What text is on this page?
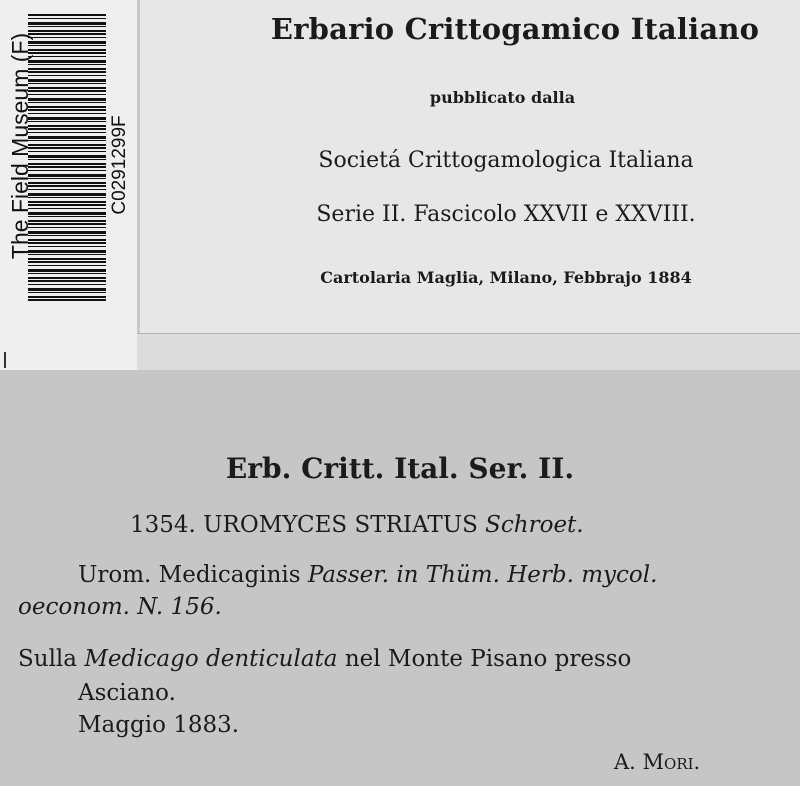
The Field Museum (F)	C0291299F
Erbario Crittogamico Italiano
pubblicato dalla
Societá Crittogamologica Italiana
Serie II. Fascicolo XXVII e XXVIII.
Cartolaria Maglia, Milano, Febbrajo 1884
Erb. Critt. Ital. Ser. II.
1354. UROMYCES STRIATUS Schroet.
Urom. Medicaginis Passer. in Thüm. Herb. mycol.
oeconom. N. 156.
Sulla Medicago denticulata nel Monte Pisano presso
Asciano.
Maggio 1883.
A. Mori.
